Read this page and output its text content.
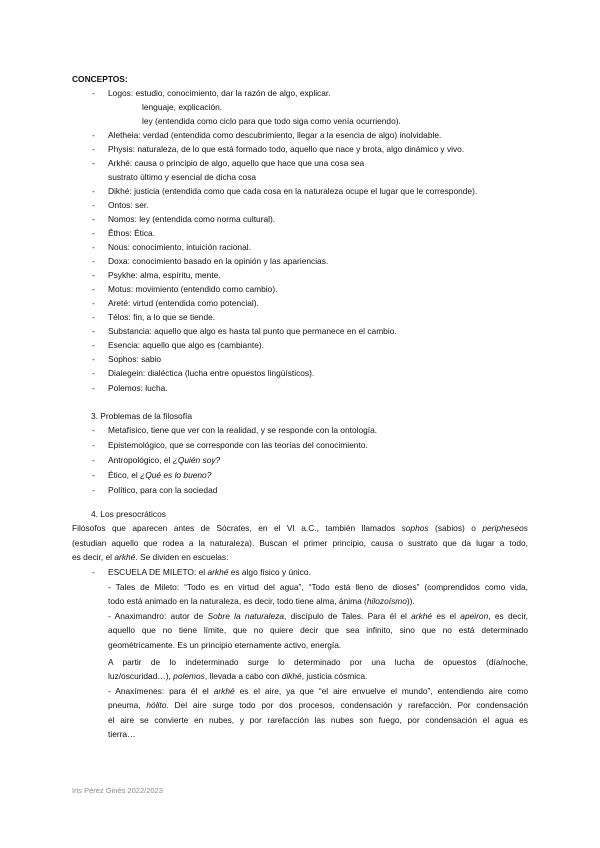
CONCEPTOS:
- Logos: estudio, conocimiento, dar la razón de algo, explicar.
- Aletheia: verdad (entendida como descubrimiento, llegar a la esencia de algo) inolvidable.
- Physis: naturaleza, de lo que está formado todo, aquello que nace y brota, algo dinámico y vivo.
- Arkhé: causa o principio de algo, aquello que hace que una cosa sea
- Dikhé: justicia (entendida como que cada cosa en la naturaleza ocupe el lugar que le corresponde).
- Ontos: ser.
- Nomos: ley (entendida como norma cultural).
- Êthos: Ética.
- Nous: conocimiento, intuición racional.
- Doxa: conocimiento basado en la opinión y las apariencias.
- Psykhe: alma, espíritu, mente.
- Motus: movimiento (entendido como cambio).
- Areté: virtud (entendida como potencial).
- Télos: fin, a lo que se tiende.
- Substancia: aquello que algo es hasta tal punto que permanece en el cambio.
- Esencia: aquello que algo es (cambiante).
- Sophos: sabio
- Dialegein: dialéctica (lucha entre opuestos lingüísticos).
- Polemos: lucha.
lenguaje, explicación.
ley (entendida como ciclo para que todo siga como venía ocurriendo).
sustrato último y esencial de dicha cosa
3. Problemas de la filosofía
- Metafísico, tiene que ver con la realidad, y se responde con la ontología.
- Epistemológico, que se corresponde con las teorías del conocimiento.
- Antropológico, el ¿Quién soy?
- Ético, el ¿Qué es lo bueno?
- Político, para con la sociedad
4. Los presocráticos
Filósofos que aparecen antes de Sócrates, en el VI a.C., también llamados sophos (sabios) o peripheseos
(estudian aquello que rodea a la naturaleza). Buscan el primer principio, causa o sustrato que da lugar a todo,
es decir, el arkhé. Se dividen en escuelas:
- ESCUELA DE MILETO: el arkhé es algo físico y único.
- Tales de Mileto: “Todo es en virtud del agua”, “Todo está lleno de dioses” (comprendidos como vida,
todo está animado en la naturaleza, es decir, todo tiene alma, ánima (hilozoísmo)).
- Anaximandro: autor de Sobre la naturaleza, discípulo de Tales. Para él el arkhé es el apeiron, es decir,
aquello que no tiene límite, que no quiere decir que sea infinito, sino que no está determinado
geométricamente. Es un principio eternamente activo, energía.
A partir de lo indeterminado surge lo determinado por una lucha de opuestos (día/noche,
luz/oscuridad…), polemos, llevada a cabo con dikhé, justicia cósmica.
- Anaxímenes: para él el arkhé es el aire, ya que “el aire envuelve el mundo”, entendiendo aire como
pneuma, hólito. Del aire surge todo por dos procesos, condensación y rarefacción. Por condensación
el aire se convierte en nubes, y por rarefacción las nubes son fuego, por condensación el agua es
tierra…
Iris Pérez Ginés 2022/2023
